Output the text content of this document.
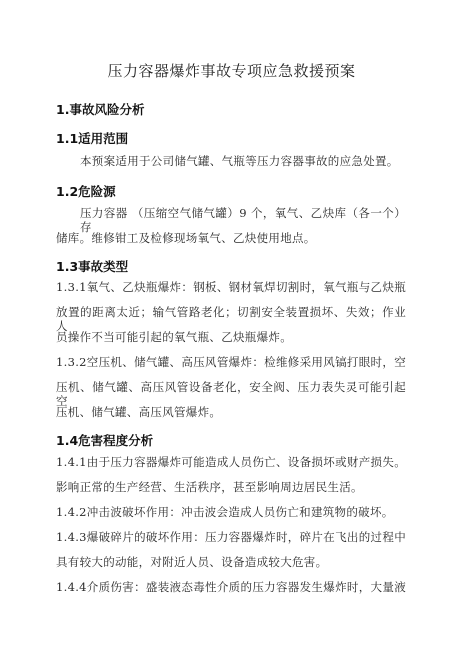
压力容器爆炸事故专项应急救援预案
1.事故风险分析
1.1适用范围
本预案适用于公司储气罐、气瓶等压力容器事故的应急处置。
1.2危险源
压力容器 （压缩空气储气罐）9 个，氧气、乙炔库（各一个）存
储库。维修钳工及检修现场氧气、乙炔使用地点。
1.3事故类型
1.3.1氧气、乙炔瓶爆炸：钢板、钢材氧焊切割时，氧气瓶与乙炔瓶
放置的距离太近；输气管路老化；切割安全装置损坏、失效；作业人
员操作不当可能引起的氧气瓶、乙炔瓶爆炸。
1.3.2空压机、储气罐、高压风管爆炸：检维修采用风镐打眼时，空
压机、储气罐、高压风管设备老化，安全阀、压力表失灵可能引起空
压机、储气罐、高压风管爆炸。
1.4危害程度分析
1.4.1由于压力容器爆炸可能造成人员伤亡、设备损坏或财产损失。
影响正常的生产经营、生活秩序，甚至影响周边居民生活。
1.4.2冲击波破坏作用：冲击波会造成人员伤亡和建筑物的破坏。
1.4.3爆破碎片的破坏作用：压力容器爆炸时，碎片在飞出的过程中
具有较大的动能，对附近人员、设备造成较大危害。
1.4.4介质伤害：盛装液态毒性介质的压力容器发生爆炸时，大量液
